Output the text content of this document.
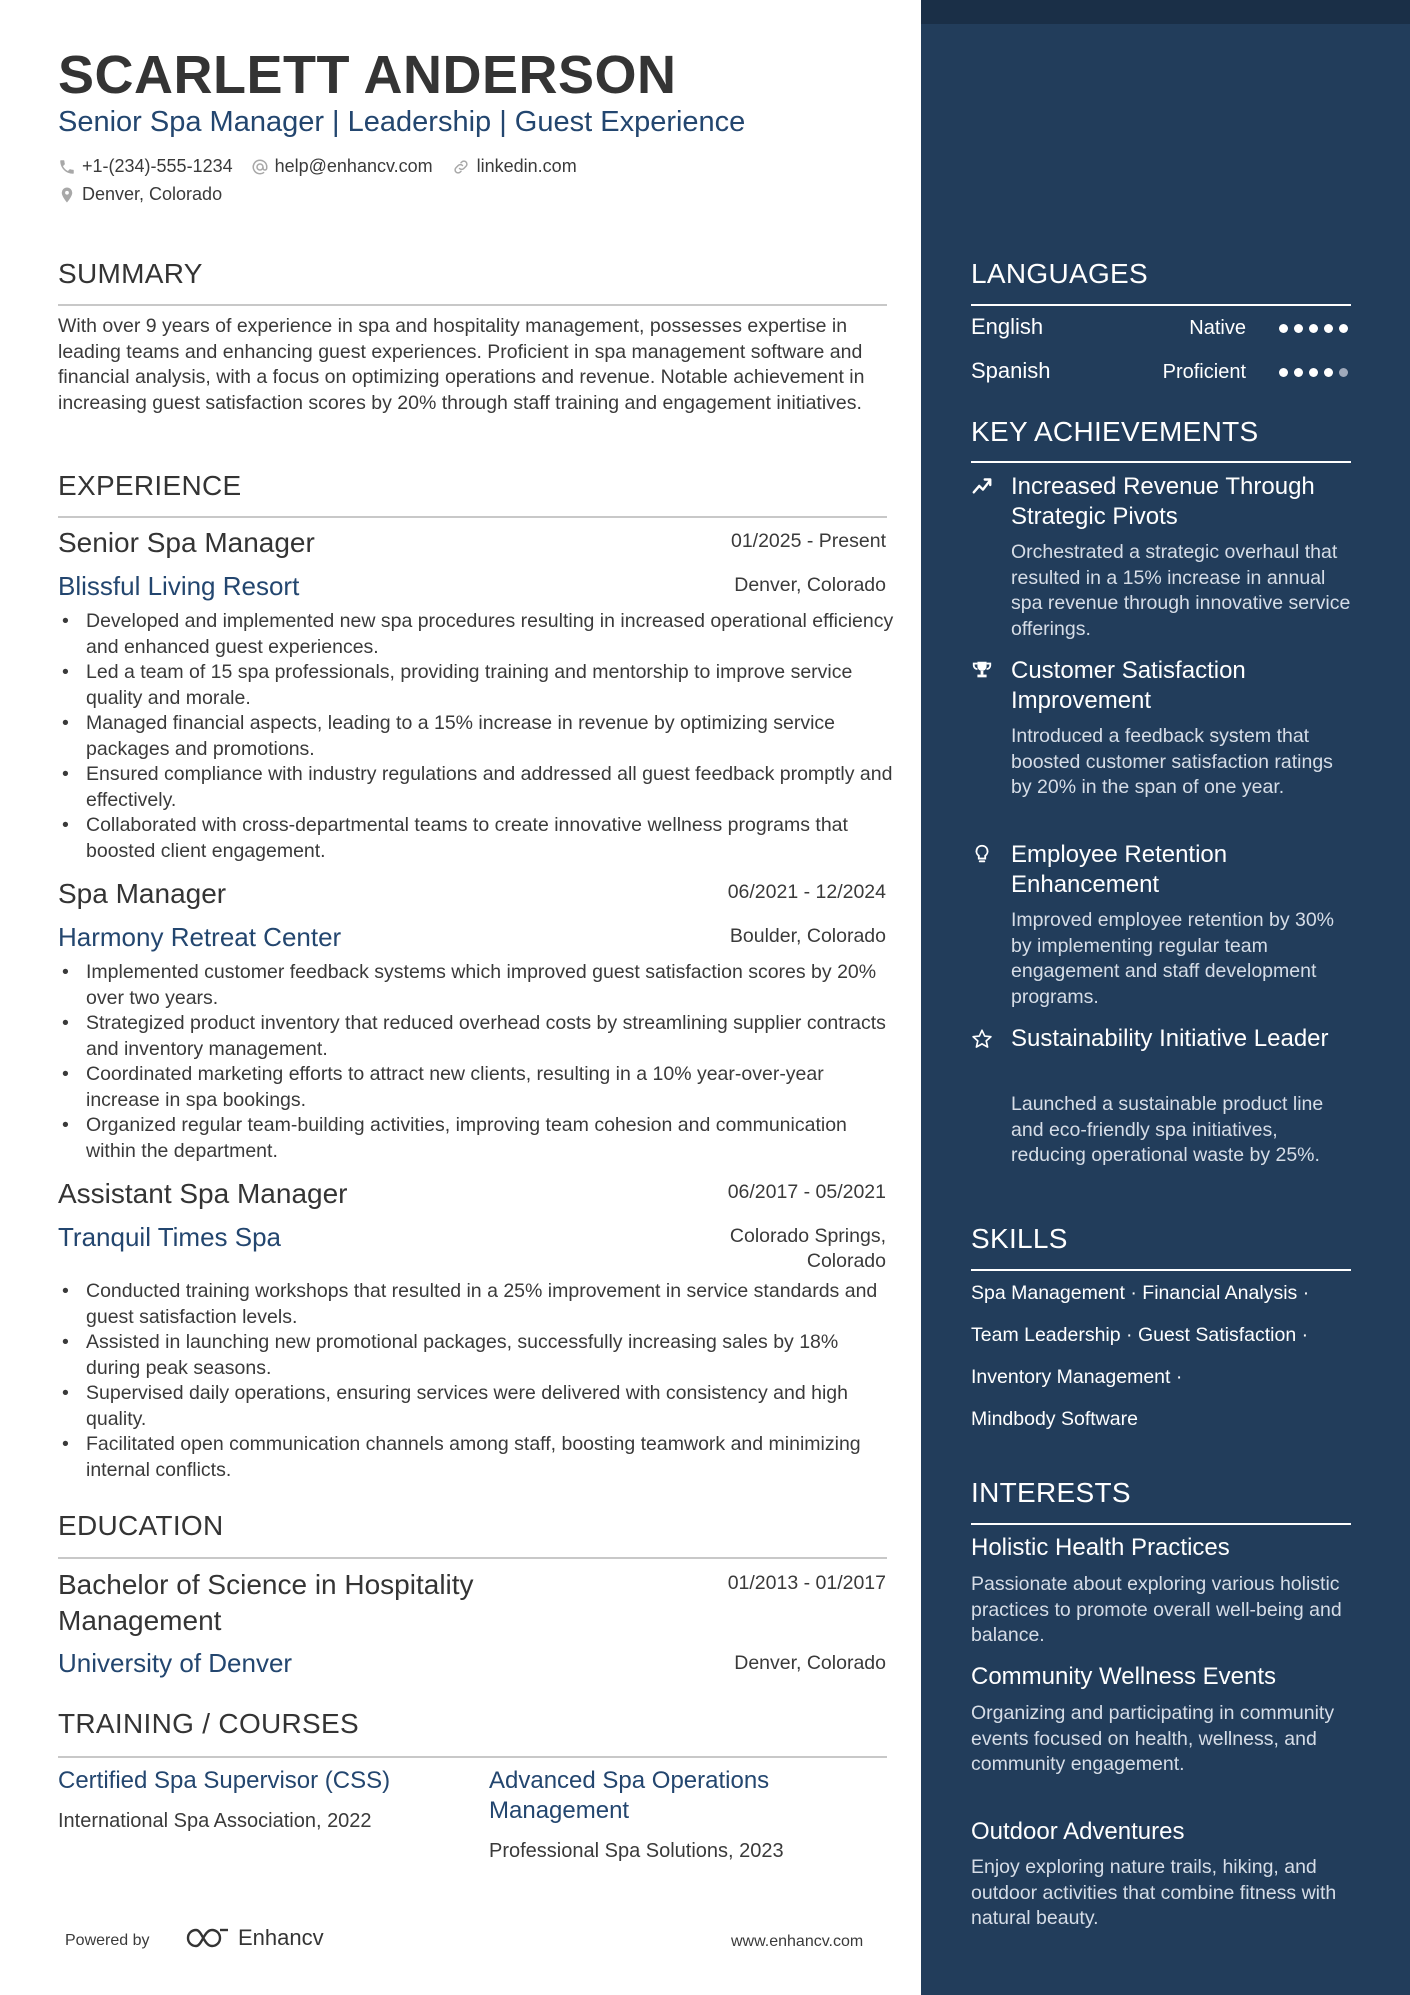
SCARLETT ANDERSON
Senior Spa Manager | Leadership | Guest Experience
+1-(234)-555-1234 help@enhancv.com linkedin.com
Denver, Colorado
SUMMARY
With over 9 years of experience in spa and hospitality management, possesses expertise in leading teams and enhancing guest experiences. Proficient in spa management software and financial analysis, with a focus on optimizing operations and revenue. Notable achievement in increasing guest satisfaction scores by 20% through staff training and engagement initiatives.
EXPERIENCE
Senior Spa Manager	01/2025 - Present
Blissful Living Resort	Denver, Colorado
• Developed and implemented new spa procedures resulting in increased operational efficiency and enhanced guest experiences.
• Led a team of 15 spa professionals, providing training and mentorship to improve service quality and morale.
• Managed financial aspects, leading to a 15% increase in revenue by optimizing service packages and promotions.
• Ensured compliance with industry regulations and addressed all guest feedback promptly and effectively.
• Collaborated with cross-departmental teams to create innovative wellness programs that boosted client engagement.
Spa Manager	06/2021 - 12/2024
Harmony Retreat Center	Boulder, Colorado
• Implemented customer feedback systems which improved guest satisfaction scores by 20% over two years.
• Strategized product inventory that reduced overhead costs by streamlining supplier contracts and inventory management.
• Coordinated marketing efforts to attract new clients, resulting in a 10% year-over-year increase in spa bookings.
• Organized regular team-building activities, improving team cohesion and communication within the department.
Assistant Spa Manager	06/2017 - 05/2021
Tranquil Times Spa	Colorado Springs,
Colorado
• Conducted training workshops that resulted in a 25% improvement in service standards and guest satisfaction levels.
• Assisted in launching new promotional packages, successfully increasing sales by 18% during peak seasons.
• Supervised daily operations, ensuring services were delivered with consistency and high quality.
• Facilitated open communication channels among staff, boosting teamwork and minimizing internal conflicts.
EDUCATION
Bachelor of Science in Hospitality
Management
01/2013 - 01/2017
University of Denver	Denver, Colorado
TRAINING / COURSES
Certified Spa Supervisor (CSS)
International Spa Association, 2022
Advanced Spa Operations
Management
Professional Spa Solutions, 2023
Powered by	Enhancv	www.enhancv.com
LANGUAGES
English	Native
Spanish	Proficient
KEY ACHIEVEMENTS
Increased Revenue Through Strategic Pivots
Orchestrated a strategic overhaul that resulted in a 15% increase in annual spa revenue through innovative service offerings.
Customer Satisfaction Improvement
Introduced a feedback system that boosted customer satisfaction ratings by 20% in the span of one year.
Employee Retention Enhancement
Improved employee retention by 30% by implementing regular team engagement and staff development programs.
Sustainability Initiative Leader
Launched a sustainable product line and eco-friendly spa initiatives, reducing operational waste by 25%.
SKILLS
Spa Management · Financial Analysis ·
Team Leadership · Guest Satisfaction ·
Inventory Management ·
Mindbody Software
INTERESTS
Holistic Health Practices
Passionate about exploring various holistic practices to promote overall well-being and balance.
Community Wellness Events
Organizing and participating in community events focused on health, wellness, and community engagement.
Outdoor Adventures
Enjoy exploring nature trails, hiking, and outdoor activities that combine fitness with natural beauty.
